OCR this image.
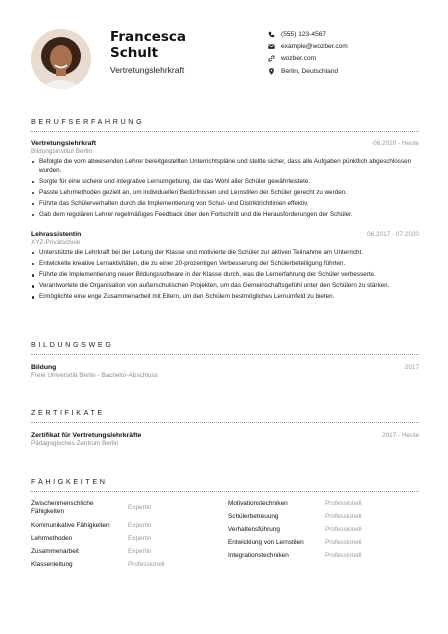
Francesca
Schult
Vertretungslehrkraft
(555) 123-4567
example@wozber.com
wozber.com
Berlin, Deutschland
BERUFSERFAHRUNG
Vertretungslehrkraft	08.2020 - Heute
Bildungsinstitut Berlin
Befolgte die vom abwesenden Lehrer bereitgestellten Unterrichtspläne und stellte sicher, dass alle Aufgaben pünktlich abgeschlossen wurden.
Sorgte für eine sichere und integrative Lernumgebung, die das Wohl aller Schüler gewährleistete.
Passte Lehrmethoden gezielt an, um individuellen Bedürfnissen und Lernstilen der Schüler gerecht zu werden.
Führte das Schülerverhalten durch die Implementierung von Schul- und Distriktrichtlinien effektiv.
Gab dem regulären Lehrer regelmäßiges Feedback über den Fortschritt und die Herausforderungen der Schüler.
Lehrassistentin	06.2017 - 07.2020
XYZ-Privatschule
Unterstützte die Lehrkraft bei der Leitung der Klasse und motivierte die Schüler zur aktiven Teilnahme am Unterricht.
Entwickelte kreative Lernaktivitäten, die zu einer 20-prozentigen Verbesserung der Schülerbeteiligung führten.
Führte die Implementierung neuer Bildungssoftware in der Klasse durch, was die Lernerfahrung der Schüler verbesserte.
Verantwortete die Organisation von außerschulischen Projekten, um das Gemeinschaftsgefühl unter den Schülern zu stärken.
Ermöglichte eine enge Zusammenarbeit mit Eltern, um den Schülern bestmögliches Lernumfeld zu bieten.
BILDUNGSWEG
Bildung	2017
Freie Universität Berlin - Bachelor-Abschluss
ZERTIFIKATE
Zertifikat für Vertretungslehrkräfte	2017 - Heute
Pädagogisches Zentrum Berlin
FÄHIGKEITEN
Zwischenmenschliche Fähigkeiten
Expertin
Kommunikative Fähigkeiten	Expertin
Lehrmethoden	Expertin
Zusammenarbeit	Expertin
Klassenleitung	Professionell
Motivationstechniken	Professionell
Schülerbetreuung	Professionell
Verhaltensführung	Professionell
Entwicklung von Lernstilen	Professionell
Integrationstechniken	Professionell
